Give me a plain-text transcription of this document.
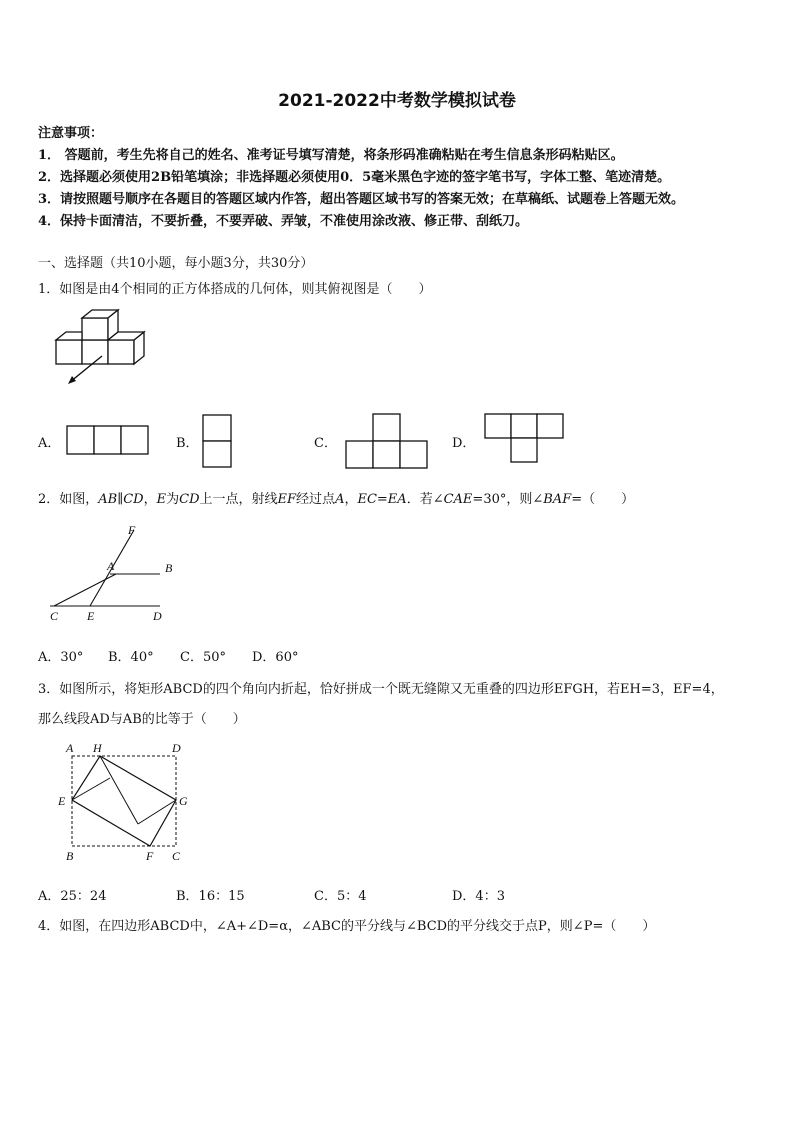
2021-2022中考数学模拟试卷
注意事项：
1． 答题前，考生先将自己的姓名、准考证号填写清楚，将条形码准确粘贴在考生信息条形码粘贴区。
2．选择题必须使用2B铅笔填涂；非选择题必须使用0．5毫米黑色字迹的签字笔书写，字体工整、笔迹清楚。
3．请按照题号顺序在各题目的答题区域内作答，超出答题区域书写的答案无效；在草稿纸、试题卷上答题无效。
4．保持卡面清洁，不要折叠，不要弄破、弄皱，不准使用涂改液、修正带、刮纸刀。
一、选择题（共10小题，每小题3分，共30分）
1．如图是由4个相同的正方体搭成的几何体，则其俯视图是（　　）
A．	B．	C．	D．
2．如图，AB∥CD，E为CD上一点，射线EF经过点A，EC=EA．若∠CAE=30°，则∠BAF=（　　）
F
A	B
C E	D
A．30° B．40° C．50° D．60°
3．如图所示，将矩形ABCD的四个角向内折起，恰好拼成一个既无缝隙又无重叠的四边形EFGH，若EH=3，EF=4，
那么线段AD与AB的比等于（　　）
A H	D
E	G
B	F C
A．25：24	B．16：15	C．5：4	D．4：3
4．如图，在四边形ABCD中，∠A+∠D=α，∠ABC的平分线与∠BCD的平分线交于点P，则∠P=（　　）
